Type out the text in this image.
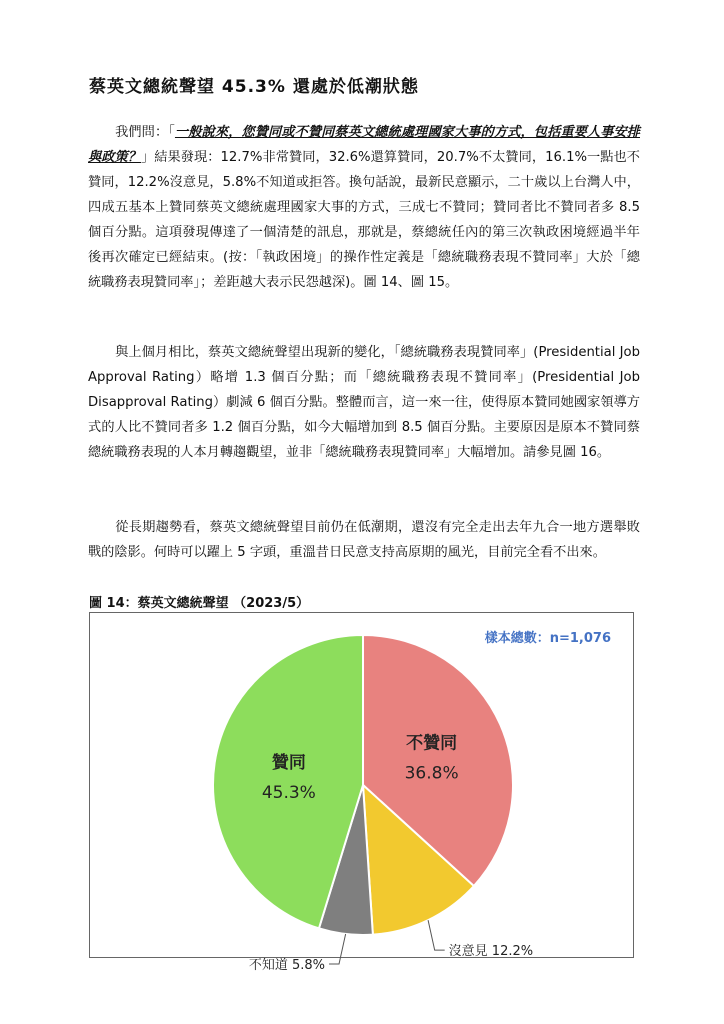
蔡英文總統聲望 45.3% 還處於低潮狀態

我們問：「一般說來，您贊同或不贊同蔡英文總統處理國家大事的方式，包括重要人事安排與政策？」結果發現：12.7%非常贊同，32.6%還算贊同，20.7%不太贊同，16.1%一點也不贊同，12.2%沒意見，5.8%不知道或拒答。換句話說，最新民意顯示，二十歲以上台灣人中，四成五基本上贊同蔡英文總統處理國家大事的方式，三成七不贊同；贊同者比不贊同者多 8.5 個百分點。這項發現傳達了一個清楚的訊息，那就是，蔡總統任內的第三次執政困境經過半年後再次確定已經結束。(按：「執政困境」的操作性定義是「總統職務表現不贊同率」大於「總統職務表現贊同率」；差距越大表示民怨越深)。圖 14、圖 15。

與上個月相比，蔡英文總統聲望出現新的變化，「總統職務表現贊同率」(Presidential Job Approval Rating）略增 1.3 個百分點；而「總統職務表現不贊同率」(Presidential Job Disapproval Rating）劇減 6 個百分點。整體而言，這一來一往，使得原本贊同她國家領導方式的人比不贊同者多 1.2 個百分點，如今大幅增加到 8.5 個百分點。主要原因是原本不贊同蔡總統職務表現的人本月轉趨觀望，並非「總統職務表現贊同率」大幅增加。請參見圖 16。

從長期趨勢看，蔡英文總統聲望目前仍在低潮期，還沒有完全走出去年九合一地方選舉敗戰的陰影。何時可以躍上 5 字頭，重溫昔日民意支持高原期的風光，目前完全看不出來。

圖 14：蔡英文總統聲望 （2023/5）
樣本總數：n=1,076
不贊同
36.8%
沒意見 12.2%
不知道 5.8%
贊同
45.3%
